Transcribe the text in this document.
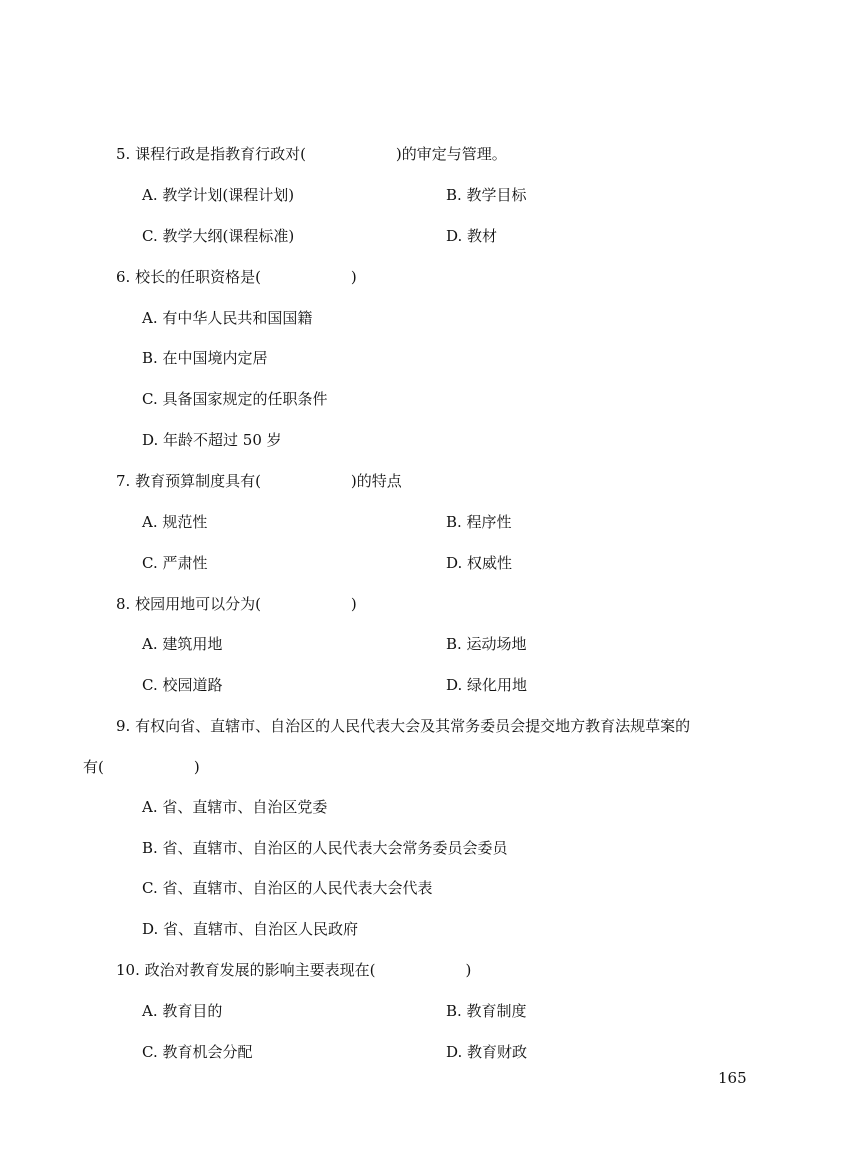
5. 课程行政是指教育行政对(　　　　　　)的审定与管理。
A. 教学计划(课程计划)	B. 教学目标
C. 教学大纲(课程标准)	D. 教材
6. 校长的任职资格是(　　　　　　)
A. 有中华人民共和国国籍
B. 在中国境内定居
C. 具备国家规定的任职条件
D. 年龄不超过 50 岁
7. 教育预算制度具有(　　　　　　)的特点
A. 规范性	B. 程序性
C. 严肃性	D. 权威性
8. 校园用地可以分为(　　　　　　)
A. 建筑用地	B. 运动场地
C. 校园道路	D. 绿化用地
9. 有权向省、直辖市、自治区的人民代表大会及其常务委员会提交地方教育法规草案的
有(　　　　　　)
A. 省、直辖市、自治区党委
B. 省、直辖市、自治区的人民代表大会常务委员会委员
C. 省、直辖市、自治区的人民代表大会代表
D. 省、直辖市、自治区人民政府
10. 政治对教育发展的影响主要表现在(　　　　　　)
A. 教育目的	B. 教育制度
C. 教育机会分配	D. 教育财政
165
